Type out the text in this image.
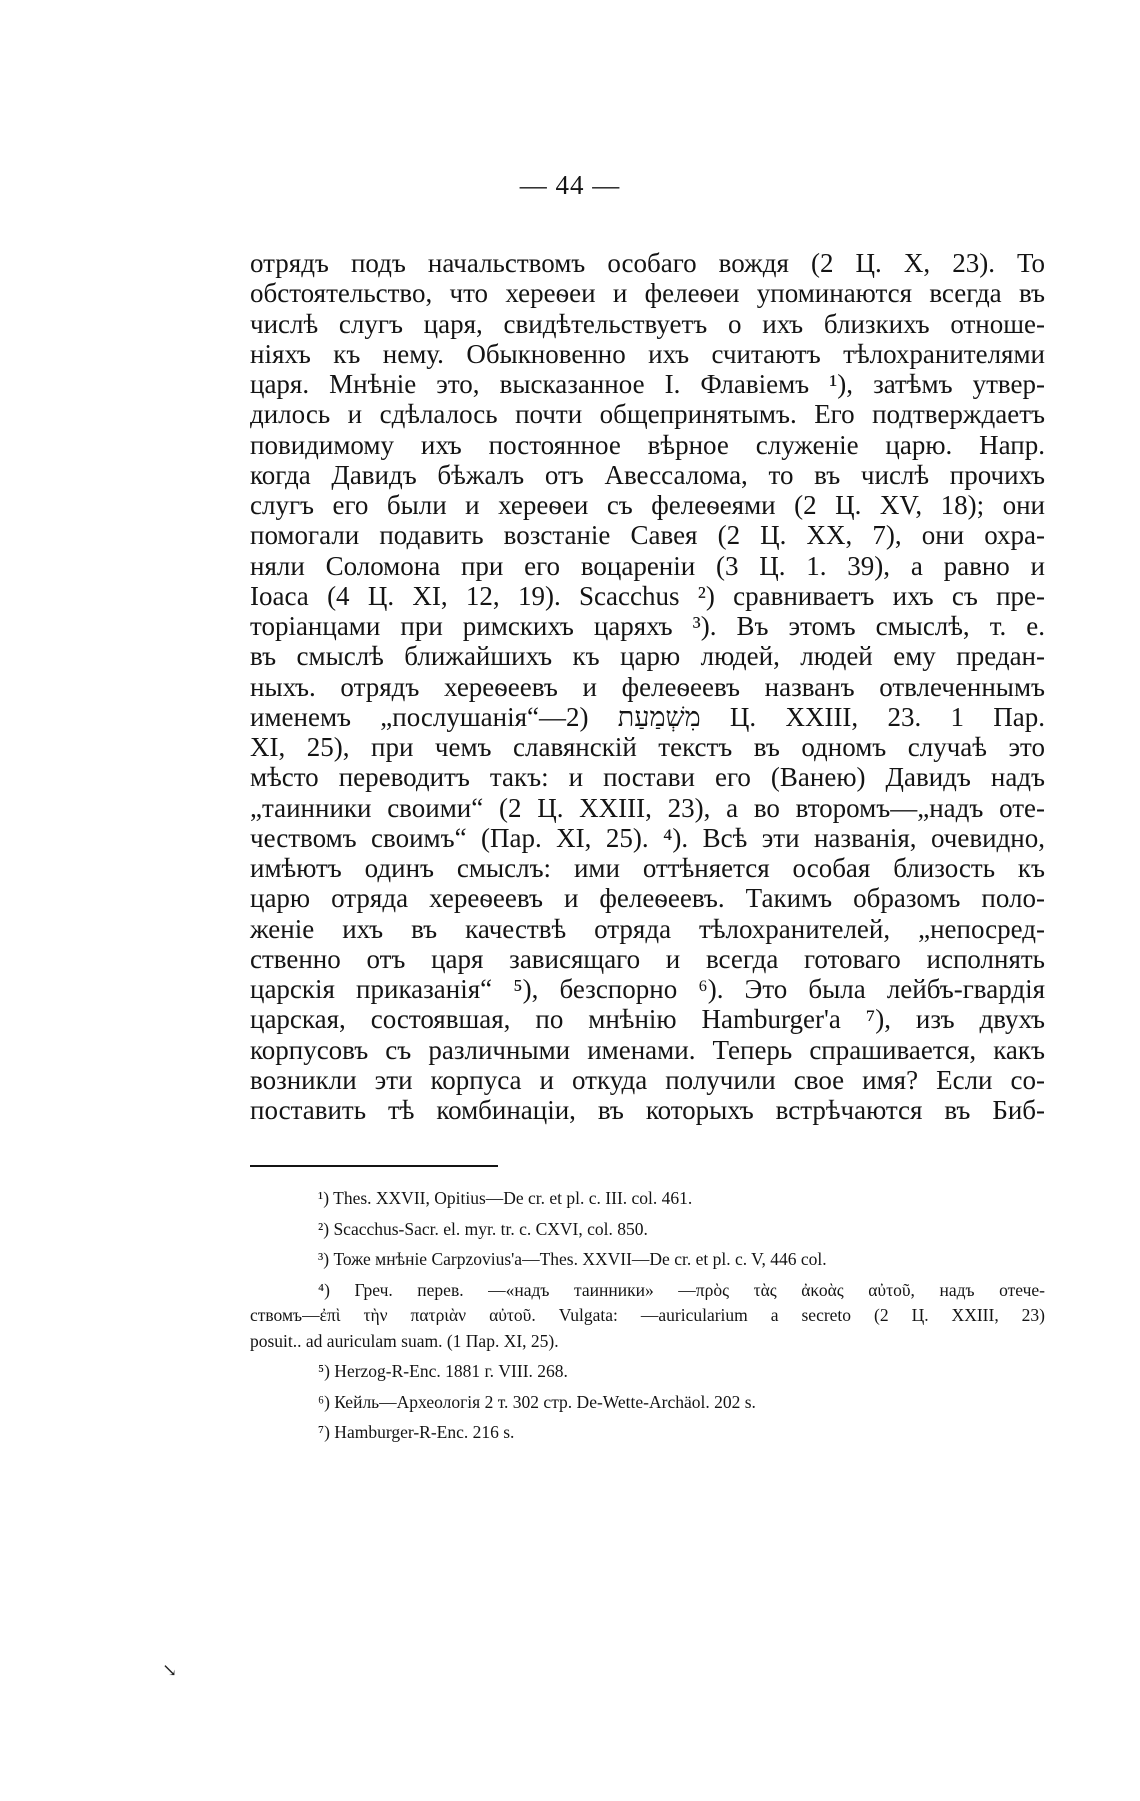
— 44 —
отрядъ подъ начальствомъ особаго вождя (2 Ц. X, 23). То
обстоятельство, что хереѳеи и фелеѳеи упоминаются всегда въ
числѣ слугъ царя, свидѣтельствуетъ о ихъ близкихъ отноше-
ніяхъ къ нему. Обыкновенно ихъ считаютъ тѣлохранителями
царя. Мнѣніе это, высказанное І. Флавіемъ ¹), затѣмъ утвер-
дилось и сдѣлалось почти общепринятымъ. Его подтверждаетъ
повидимому ихъ постоянное вѣрное служеніе царю. Напр.
когда Давидъ бѣжалъ отъ Авессалома, то въ числѣ прочихъ
слугъ его были и хереѳеи съ фелеѳеями (2 Ц. XV, 18); они
помогали подавить возстаніе Савея (2 Ц. XX, 7), они охра-
няли Соломона при его воцареніи (3 Ц. 1. 39), а равно и
Іоаса (4 Ц. XI, 12, 19). Scacchus ²) сравниваетъ ихъ съ прe-
торіанцами при римскихъ царяхъ ³). Въ этомъ смыслѣ, т. е.
въ смыслѣ ближайшихъ къ царю людей, людей ему предан-
ныхъ. отрядъ хереѳеевъ и фелеѳеевъ названъ отвлеченнымъ
именемъ „послушанія“—מִשְׁמַעַת (2 Ц. XXIII, 23. 1 Пар.
XI, 25), при чемъ славянскій текстъ въ одномъ случаѣ это
мѣсто переводитъ такъ: и постави его (Ванею) Давидъ надъ
„таинники своими“ (2 Ц. XXIII, 23), а во второмъ—„надъ оте-
чествомъ своимъ“ (Пар. XI, 25). ⁴). Всѣ эти названія, очевидно,
имѣютъ одинъ смыслъ: ими оттѣняется особая близость къ
царю отряда хереѳеевъ и фелеѳеевъ. Такимъ образомъ поло-
женіе ихъ въ качествѣ отряда тѣлохранителей, „непосред-
ственно отъ царя зависящаго и всегда готоваго исполнять
царскія приказанія“ ⁵), безспорно ⁶). Это была лейбъ-гвардія
царская, состоявшая, по мнѣнію Hamburger'а ⁷), изъ двухъ
корпусовъ съ различными именами. Теперь спрашивается, какъ
возникли эти корпуса и откуда получили свое имя? Если со-
поставить тѣ комбинаціи, въ которыхъ встрѣчаются въ Биб-
¹) Thes. XXVII, Opitius—De cr. et pl. c. III. col. 461.
²) Scacchus-Sacr. el. myr. tr. c. CXVI, col. 850.
³) Тоже мнѣніе Carpzovius'a—Thes. XXVII—De cr. et pl. c. V, 446 col.
⁴) Греч. перев. —«надъ таинники» —πρὸς τὰς ἀκοὰς αὐτοῦ, надъ отече-
ствомъ—ἐπὶ τὴν πατριὰν αὐτοῦ. Vulgata: —auricularium a secreto (2 Ц. XXIII, 23)
posuit.. ad auriculam suam. (1 Пар. XI, 25).
⁵) Herzog-R-Enc. 1881 г. VIII. 268.
⁶) Кейль—Археологія 2 т. 302 стр. De-Wette-Archäol. 202 s.
⁷) Hamburger-R-Enc. 216 s.
↘
